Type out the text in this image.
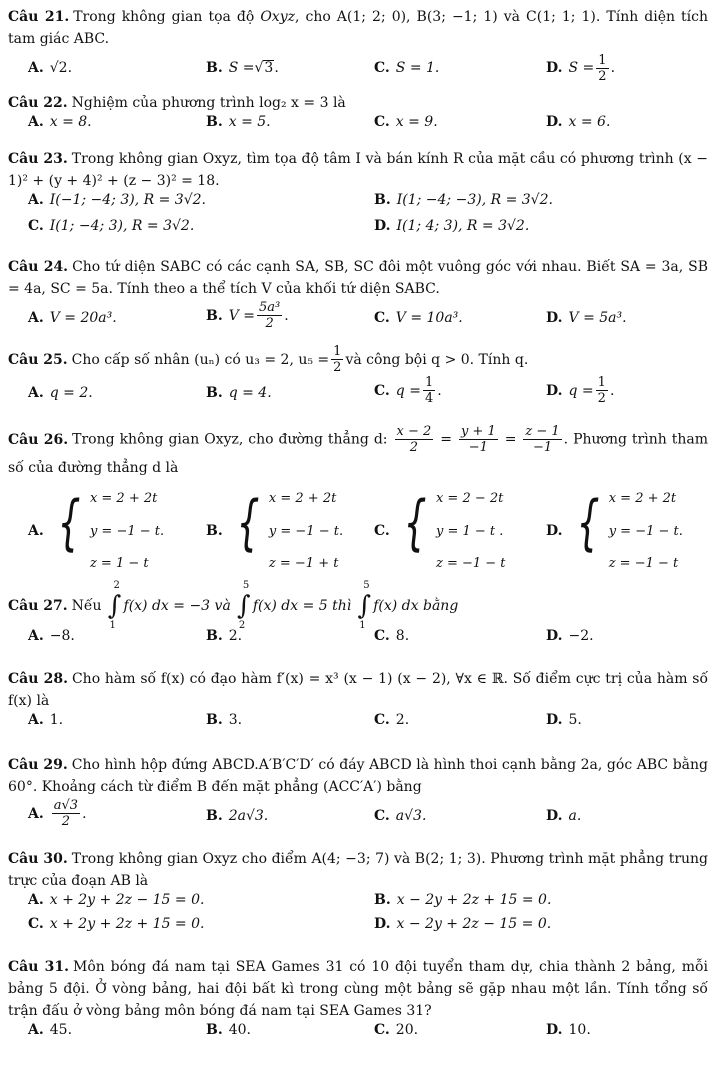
Câu 21. Trong không gian tọa độ Oxyz, cho A(1; 2; 0), B(3; −1; 1) và C(1; 1; 1). Tính diện tích tam giác ABC.
A. √2.	B. S = √ 3 .	C. S = 1.	D. $S = \frac{1}{2}$ .
Câu 22. Nghiệm của phương trình log₂ x = 3 là
A. x = 8.	B. x = 5.	C. x = 9.	D. x = 6.
Câu 23. Trong không gian Oxyz, tìm tọa độ tâm I và bán kính R của mặt cầu có phương trình (x − 1)² + (y + 4)² + (z − 3)² = 18.
A. I(−1; −4; 3), R = 3√2.	B. I(1; −4; −3), R = 3√2.
C. I(1; −4; 3), R = 3√2.	D. I(1; 4; 3), R = 3√2.
Câu 24. Cho tứ diện SABC có các cạnh SA, SB, SC đôi một vuông góc với nhau. Biết SA = 3a, SB = 4a, SC = 5a. Tính theo a thể tích V của khối tứ diện SABC.
A. V = 20a³.	B. $V = \frac{\text{5a³}}{2}$ .	C. V = 10a³.	D. V = 5a³.
Câu 25. Cho cấp số nhân (uₙ) có u₃ = 2, $u_5 = \frac{1}{2}$ và công bội q > 0. Tính q.
A. q = 2.	B. q = 4.	C. $q = \frac{1}{4}$ .	D. $q = \frac{1}{2}$ .
Câu 26. Trong không gian Oxyz, cho đường thẳng d: $\frac{x - 2}{2} = \frac{y + 1}{-1} = \frac{z - 1}{-1}$ . Phương trình tham số của đường thẳng d là
A. { x = 2 + 2t
y = −1 − t.
z = 1 − t
B. { x = 2 + 2t
y = −1 − t.
z = −1 + t
C. { x = 2 − 2t
y = 1 − t .
z = −1 − t
D. { x = 2 + 2t
y = −1 − t.
z = −1 − t
Câu 27. Nếu ∫
2
1
f(x) dx = −3 và ∫
5
2
f(x) dx = 5 thì ∫
5
1
f(x) dx bằng
A. −8.	B. 2.	C. 8.	D. −2.
Câu 28. Cho hàm số f(x) có đạo hàm f′(x) = x³ (x − 1) (x − 2), ∀x ∈ ℝ. Số điểm cực trị của hàm số f(x) là
A. 1.	B. 3.	C. 2.	D. 5.
Câu 29. Cho hình hộp đứng ABCD.A′B′C′D′ có đáy ABCD là hình thoi cạnh bằng 2a, góc ABC bằng 60°. Khoảng cách từ điểm B đến mặt phẳng (ACC′A′) bằng
A. $\frac{a√3}{2}$ .	B. 2a√3.	C. a√3.	D. a.
Câu 30. Trong không gian Oxyz cho điểm A(4; −3; 7) và B(2; 1; 3). Phương trình mặt phẳng trung trực của đoạn AB là
A. x + 2y + 2z − 15 = 0.	B. x − 2y + 2z + 15 = 0.
C. x + 2y + 2z + 15 = 0.	D. x − 2y + 2z − 15 = 0.
Câu 31. Môn bóng đá nam tại SEA Games 31 có 10 đội tuyển tham dự, chia thành 2 bảng, mỗi bảng 5 đội. Ở vòng bảng, hai đội bất kì trong cùng một bảng sẽ gặp nhau một lần. Tính tổng số trận đấu ở vòng bảng môn bóng đá nam tại SEA Games 31?
A. 45.	B. 40.	C. 20.	D. 10.
